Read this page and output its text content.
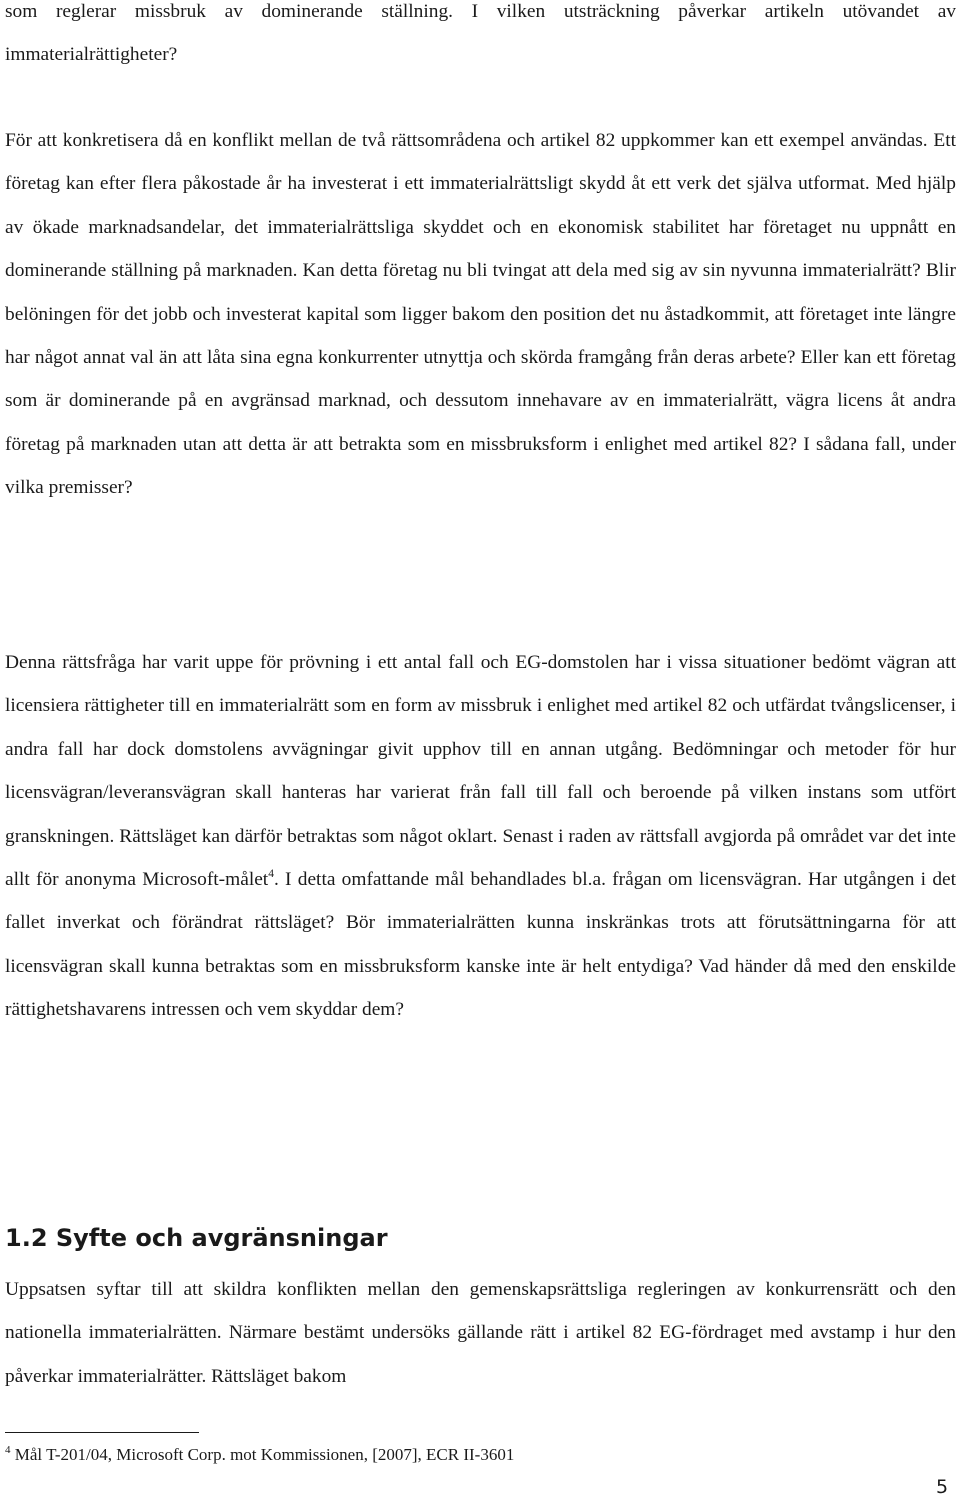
som reglerar missbruk av dominerande ställning. I vilken utsträckning påverkar artikeln utövandet av immaterialrättigheter?

För att konkretisera då en konflikt mellan de två rättsområdena och artikel 82 uppkommer kan ett exempel användas. Ett företag kan efter flera påkostade år ha investerat i ett immaterialrättsligt skydd åt ett verk det själva utformat. Med hjälp av ökade marknadsandelar, det immaterialrättsliga skyddet och en ekonomisk stabilitet har företaget nu uppnått en dominerande ställning på marknaden. Kan detta företag nu bli tvingat att dela med sig av sin nyvunna immaterialrätt? Blir belöningen för det jobb och investerat kapital som ligger bakom den position det nu åstadkommit, att företaget inte längre har något annat val än att låta sina egna konkurrenter utnyttja och skörda framgång från deras arbete? Eller kan ett företag som är dominerande på en avgränsad marknad, och dessutom innehavare av en immaterialrätt, vägra licens åt andra företag på marknaden utan att detta är att betrakta som en missbruksform i enlighet med artikel 82? I sådana fall, under vilka premisser?

Denna rättsfråga har varit uppe för prövning i ett antal fall och EG-domstolen har i vissa situationer bedömt vägran att licensiera rättigheter till en immaterialrätt som en form av missbruk i enlighet med artikel 82 och utfärdat tvångslicenser, i andra fall har dock domstolens avvägningar givit upphov till en annan utgång. Bedömningar och metoder för hur licensvägran/leveransvägran skall hanteras har varierat från fall till fall och beroende på vilken instans som utfört granskningen. Rättsläget kan därför betraktas som något oklart. Senast i raden av rättsfall avgjorda på området var det inte allt för anonyma Microsoft-målet$^4$. I detta omfattande mål behandlades bl.a. frågan om licensvägran. Har utgången i det fallet inverkat och förändrat rättsläget? Bör immaterialrätten kunna inskränkas trots att förutsättningarna för att licensvägran skall kunna betraktas som en missbruksform kanske inte är helt entydiga? Vad händer då med den enskilde rättighetshavarens intressen och vem skyddar dem?

1.2 Syfte och avgränsningar

Uppsatsen syftar till att skildra konflikten mellan den gemenskapsrättsliga regleringen av konkurrensrätt och den nationella immaterialrätten. Närmare bestämt undersöks gällande rätt i artikel 82 EG-fördraget med avstamp i hur den påverkar immaterialrätter. Rättsläget bakom

$^4$ Mål T-201/04, Microsoft Corp. mot Kommissionen, [2007], ECR II-3601
5
